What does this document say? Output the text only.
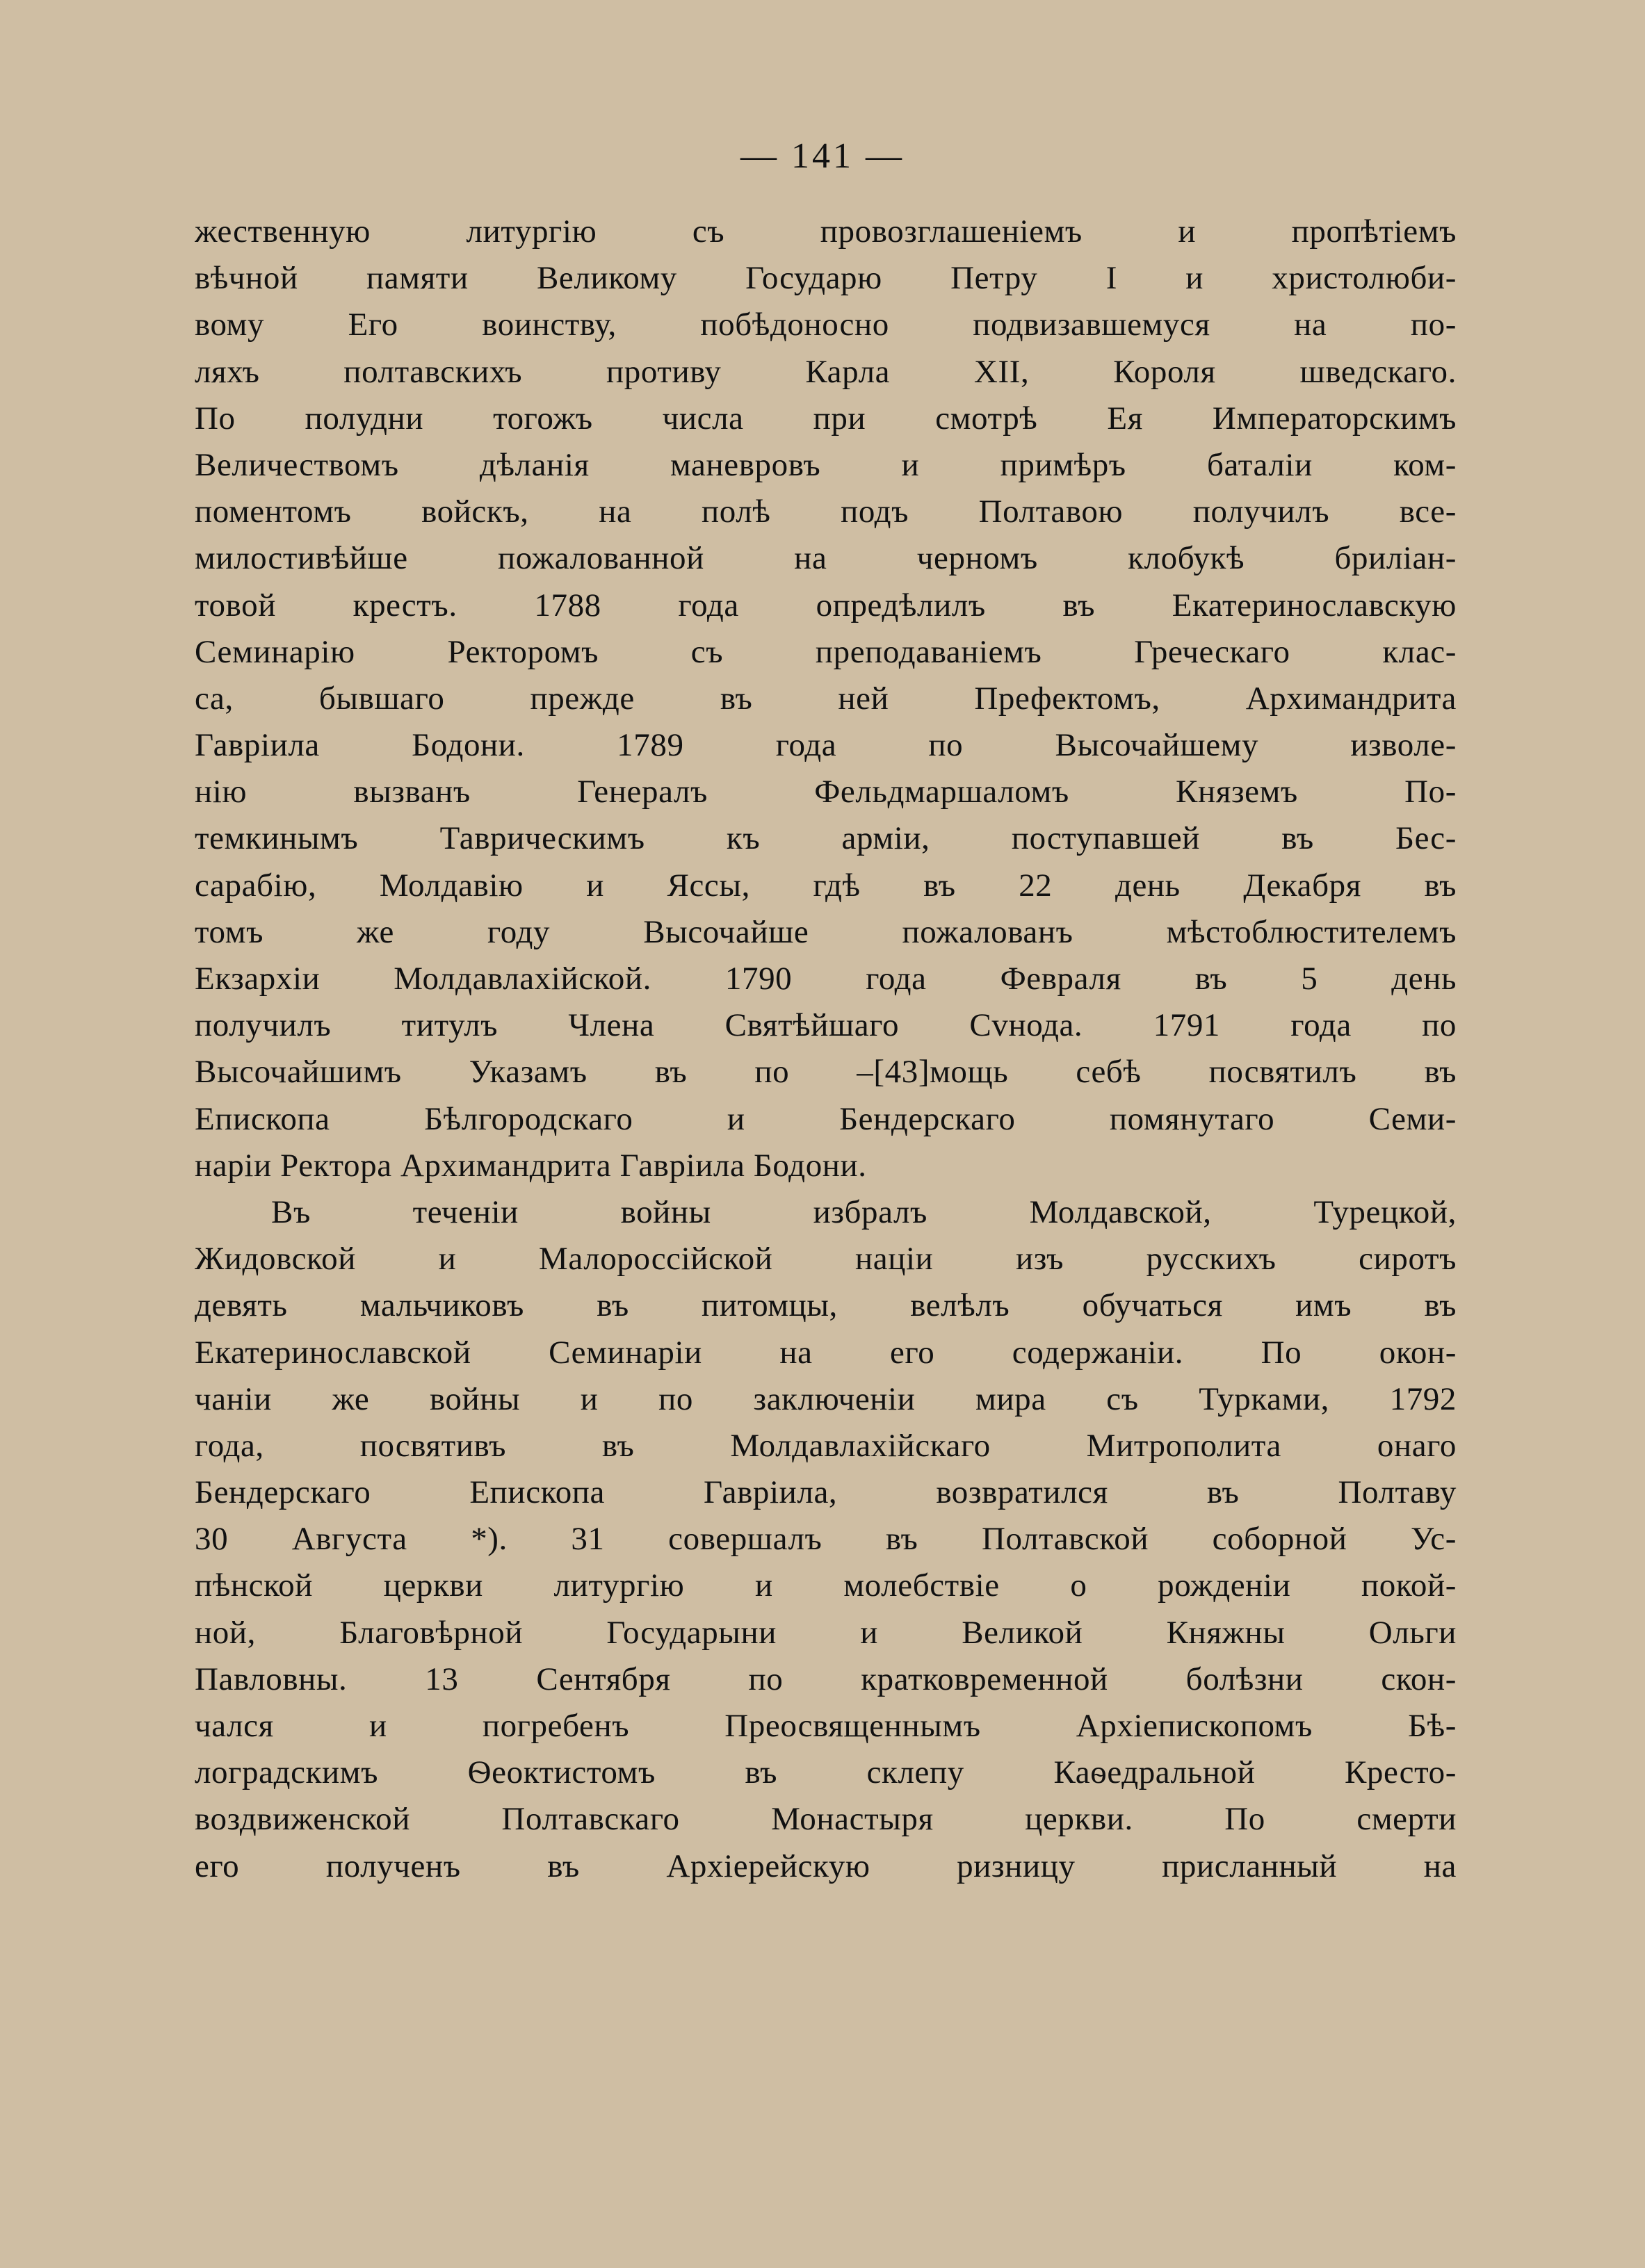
— 141 —
жественную литургію съ провозглашеніемъ и пропѣтіемъ
вѣчной памяти Великому Государю Петру I и христолюби-
вому Его воинству, побѣдоносно подвизавшемуся на по-
ляхъ полтавскихъ противу Карла XII, Короля шведскаго.
По полудни тогожъ числа при смотрѣ Ея Императорскимъ
Величествомъ дѣланія маневровъ и примѣръ баталіи ком-
поментомъ войскъ, на полѣ подъ Полтавою получилъ все-
милостивѣйше пожалованной на черномъ клобукѣ бриліан-
товой крестъ. 1788 года опредѣлилъ въ Екатеринославскую
Семинарію Ректоромъ съ преподаваніемъ Греческаго клас-
са, бывшаго прежде въ ней Префектомъ, Архимандрита
Гавріила Бодони. 1789 года по Высочайшему изволе-
нію вызванъ Генералъ Фельдмаршаломъ Княземъ По-
темкинымъ Таврическимъ къ арміи, поступавшей въ Бес-
сарабію, Молдавію и Яссы, гдѣ въ 22 день Декабря въ
томъ же году Высочайше пожалованъ мѣстоблюстителемъ
Екзархіи Молдавлахійской. 1790 года Февраля въ 5 день
получилъ титулъ Члена Святѣйшаго Сvнода. 1791 года по
Высочайшимъ Указамъ въ по –[43]мощь себѣ посвятилъ въ
Епископа Бѣлгородскаго и Бендерскаго помянутаго Семи-
наріи Ректора Архимандрита Гавріила Бодони.
Въ теченіи войны избралъ Молдавской, Турецкой,
Жидовской и Малороссійской націи изъ русскихъ сиротъ
девять мальчиковъ въ питомцы, велѣлъ обучаться имъ въ
Екатеринославской Семинаріи на его содержаніи. По окон-
чаніи же войны и по заключеніи мира съ Турками, 1792
года, посвятивъ въ Молдавлахійскаго Митрополита онаго
Бендерскаго Епископа Гавріила, возвратился въ Полтаву
30 Августа *). 31 совершалъ въ Полтавской соборной Ус-
пѣнской церкви литургію и молебствіе о рожденіи покой-
ной, Благовѣрной Государыни и Великой Княжны Ольги
Павловны. 13 Сентября по кратковременной болѣзни скон-
чался и погребенъ Преосвященнымъ Архіепископомъ Бѣ-
лоградскимъ Ѳеоктистомъ въ склепу Каѳедральной Кресто-
воздвиженской Полтавскаго Монастыря церкви. По смерти
его полученъ въ Архіерейскую ризницу присланный на
